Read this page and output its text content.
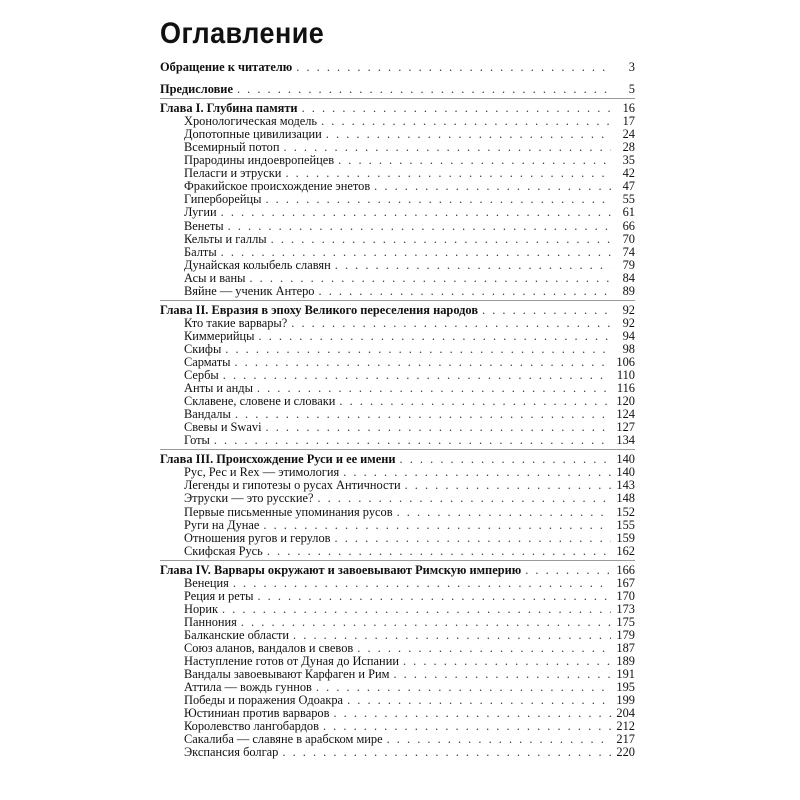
Оглавление
Обращение к читателю . . .	3
Предисловие . . .	5
Глава I. Глубина памяти . . .	16
Хронологическая модель . . .	17
Допотопные цивилизации . . .	24
Всемирный потоп . . .	28
Прародины индоевропейцев . . .	35
Пеласги и этруски . . .	42
Фракийское происхождение энетов . . .	47
Гиперборейцы . . .	55
Лугии . . .	61
Венеты . . .	66
Кельты и галлы . . .	70
Балты . . .	74
Дунайская колыбель славян . . .	79
Асы и ваны . . .	84
Вяйне — ученик Антеро . . .	89
Глава II. Евразия в эпоху Великого переселения народов . . .	92
Кто такие варвары? . . .	92
Киммерийцы . . .	94
Скифы . . .	98
Сарматы . . .	106
Сербы . . .	110
Анты и анды . . .	116
Склавене, словене и словаки . . .	120
Вандалы . . .	124
Свевы и Swavi . . .	127
Готы . . .	134
Глава III. Происхождение Руси и ее имени . . .	140
Рус, Рес и Rex — этимология . . .	140
Легенды и гипотезы о русах Античности . . .	143
Этруски — это русские? . . .	148
Первые письменные упоминания русов . . .	152
Руги на Дунае . . .	155
Отношения ругов и герулов . . .	159
Скифская Русь . . .	162
Глава IV. Варвары окружают и завоевывают Римскую империю . . .	166
Венеция . . .	167
Реция и реты . . .	170
Норик . . .	173
Паннония . . .	175
Балканские области . . .	179
Союз аланов, вандалов и свевов . . .	187
Наступление готов от Дуная до Испании . . .	189
Вандалы завоевывают Карфаген и Рим . . .	191
Аттила — вождь гуннов . . .	195
Победы и поражения Одоакра . . .	199
Юстиниан против варваров . . .	204
Королевство лангобардов . . .	212
Сакалиба — славяне в арабском мире . . .	217
Экспансия болгар . . .	220
